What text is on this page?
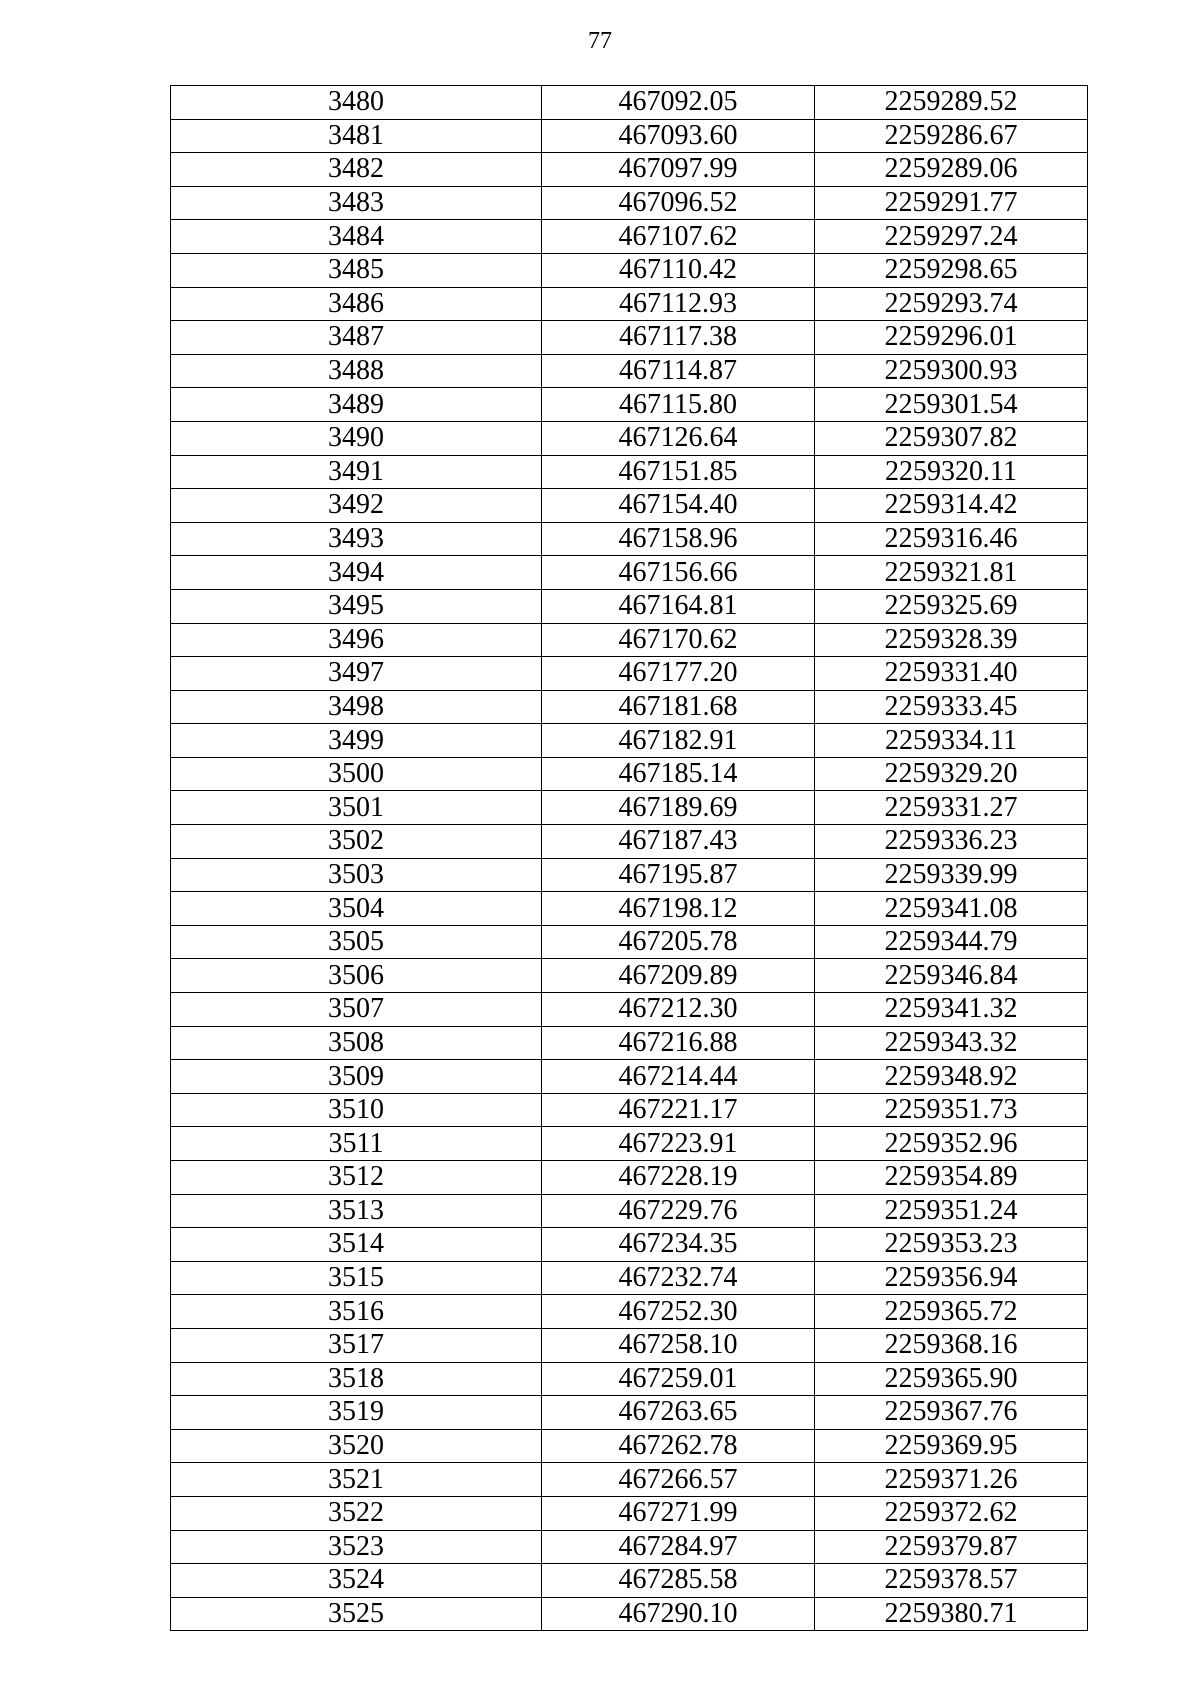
77
3480	467092.05	2259289.52
3481	467093.60	2259286.67
3482	467097.99	2259289.06
3483	467096.52	2259291.77
3484	467107.62	2259297.24
3485	467110.42	2259298.65
3486	467112.93	2259293.74
3487	467117.38	2259296.01
3488	467114.87	2259300.93
3489	467115.80	2259301.54
3490	467126.64	2259307.82
3491	467151.85	2259320.11
3492	467154.40	2259314.42
3493	467158.96	2259316.46
3494	467156.66	2259321.81
3495	467164.81	2259325.69
3496	467170.62	2259328.39
3497	467177.20	2259331.40
3498	467181.68	2259333.45
3499	467182.91	2259334.11
3500	467185.14	2259329.20
3501	467189.69	2259331.27
3502	467187.43	2259336.23
3503	467195.87	2259339.99
3504	467198.12	2259341.08
3505	467205.78	2259344.79
3506	467209.89	2259346.84
3507	467212.30	2259341.32
3508	467216.88	2259343.32
3509	467214.44	2259348.92
3510	467221.17	2259351.73
3511	467223.91	2259352.96
3512	467228.19	2259354.89
3513	467229.76	2259351.24
3514	467234.35	2259353.23
3515	467232.74	2259356.94
3516	467252.30	2259365.72
3517	467258.10	2259368.16
3518	467259.01	2259365.90
3519	467263.65	2259367.76
3520	467262.78	2259369.95
3521	467266.57	2259371.26
3522	467271.99	2259372.62
3523	467284.97	2259379.87
3524	467285.58	2259378.57
3525	467290.10	2259380.71
